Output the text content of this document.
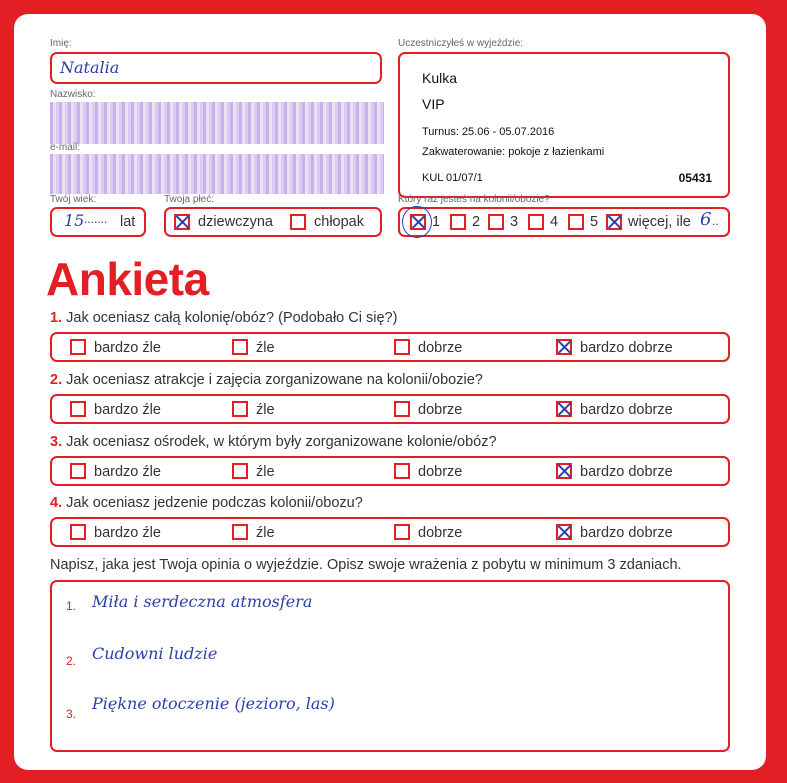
Imię:
Natalia
Nazwisko:
e-mail:
Twój wiek:
15 ....... lat
Twoja płeć:
dziewczyna	chłopak
Uczestniczyłeś w wyjeździe:
Kulka
VIP
Turnus: 25.06 - 05.07.2016
Zakwaterowanie: pokoje z łazienkami
KUL 01/07/1	05431
Który raz jesteś na kolonii/obozie?
1 2 3 4 5 więcej, ile 6 ..
Ankieta
1. Jak oceniasz całą kolonię/obóz? (Podobało Ci się?)
bardzo źle	źle	dobrze	bardzo dobrze
2. Jak oceniasz atrakcje i zajęcia zorganizowane na kolonii/obozie?
bardzo źle	źle	dobrze	bardzo dobrze
3. Jak oceniasz ośrodek, w którym były zorganizowane kolonie/obóz?
bardzo źle	źle	dobrze	bardzo dobrze
4. Jak oceniasz jedzenie podczas kolonii/obozu?
bardzo źle	źle	dobrze	bardzo dobrze
Napisz, jaka jest Twoja opinia o wyjeździe. Opisz swoje wrażenia z pobytu w minimum 3 zdaniach.
1. Miła i serdeczna atmosfera
2. Cudowni ludzie
3.
Piękne otoczenie (jezioro, las)
